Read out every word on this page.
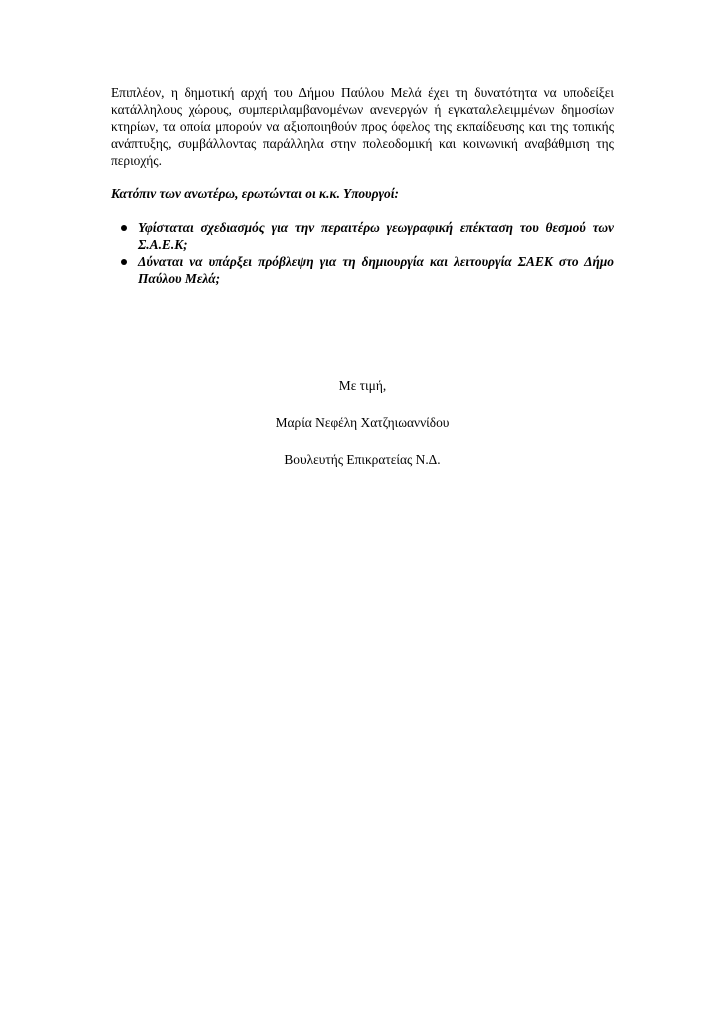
Επιπλέον, η δημοτική αρχή του Δήμου Παύλου Μελά έχει τη δυνατότητα να υποδείξει κατάλληλους χώρους, συμπεριλαμβανομένων ανενεργών ή εγκαταλελειμμένων δημοσίων κτηρίων, τα οποία μπορούν να αξιοποιηθούν προς όφελος της εκπαίδευσης και της τοπικής ανάπτυξης, συμβάλλοντας παράλληλα στην πολεοδομική και κοινωνική αναβάθμιση της περιοχής.

Κατόπιν των ανωτέρω, ερωτώνται οι κ.κ. Υπουργοί:

Υφίσταται σχεδιασμός για την περαιτέρω γεωγραφική επέκταση του θεσμού των Σ.Α.Ε.Κ;
Δύναται να υπάρξει πρόβλεψη για τη δημιουργία και λειτουργία ΣΑΕΚ στο Δήμο Παύλου Μελά;
Με τιμή,
Μαρία Νεφέλη Χατζηιωαννίδου
Βουλευτής Επικρατείας Ν.Δ.
